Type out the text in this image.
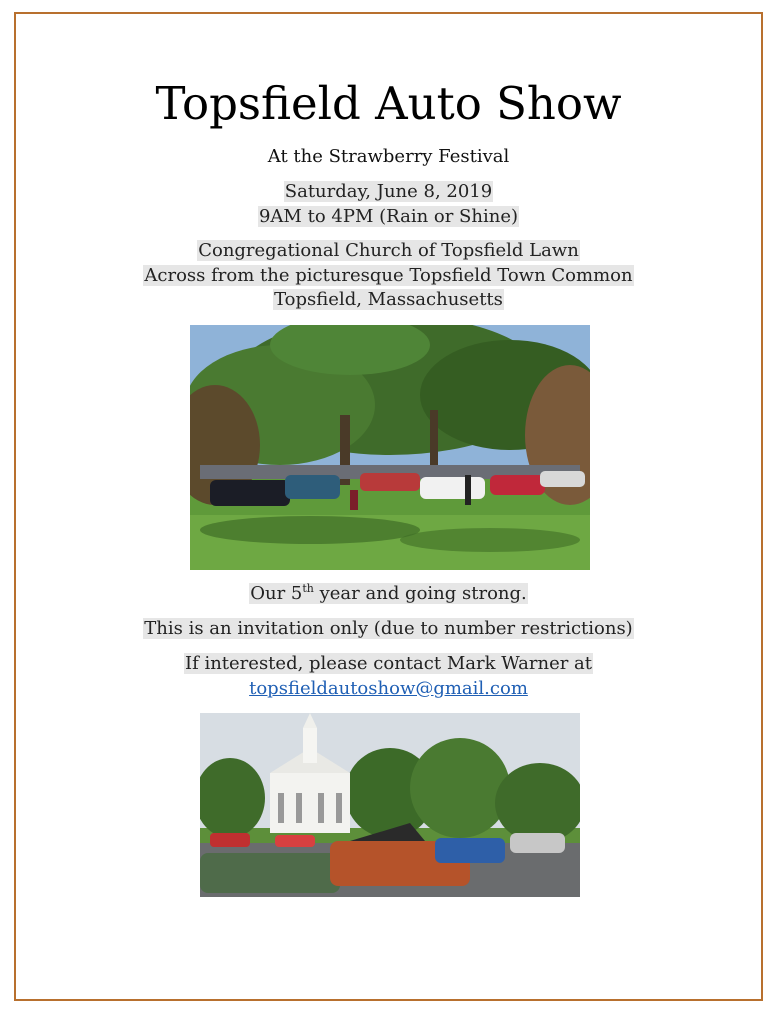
Topsfield Auto Show
At the Strawberry Festival
Saturday, June 8, 2019
9AM to 4PM (Rain or Shine)
Congregational Church of Topsfield Lawn
Across from the picturesque Topsfield Town Common
Topsfield, Massachusetts
Our 5th year and going strong.
This is an invitation only (due to number restrictions)
If interested, please contact Mark Warner at
topsfieldautoshow@gmail.com
